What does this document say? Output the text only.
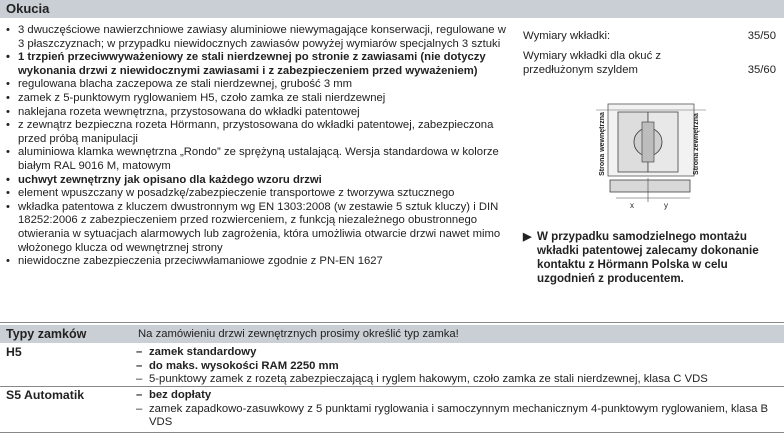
Okucia
• 3 dwuczęściowe nawierzchniowe zawiasy aluminiowe niewymagające konserwacji, regulowane w 3 płaszczyznach; w przypadku niewidocznych zawiasów powyżej wymiarów specjalnych 3 sztuki
• 1 trzpień przeciwwyważeniowy ze stali nierdzewnej po stronie z zawiasami (nie dotyczy wykonania drzwi z niewidocznymi zawiasami i z zabezpieczeniem przed wyważeniem)
• regulowana blacha zaczepowa ze stali nierdzewnej, grubość 3 mm
• zamek z 5-punktowym ryglowaniem H5, czoło zamka ze stali nierdzewnej
• naklejana rozeta wewnętrzna, przystosowana do wkładki patentowej
• z zewnątrz bezpieczna rozeta Hörmann, przystosowana do wkładki patentowej, zabezpieczona przed próbą manipulacji
• aluminiowa klamka wewnętrzna „Rondo” ze sprężyną ustalającą. Wersja standardowa w kolorze białym RAL 9016 M, matowym
• uchwyt zewnętrzny jak opisano dla każdego wzoru drzwi
• element wpuszczany w posadzkę/zabezpieczenie transportowe z tworzywa sztucznego
• wkładka patentowa z kluczem dwustronnym wg EN 1303:2008 (w zestawie 5 sztuk kluczy) i DIN 18252:2006 z zabezpieczeniem przed rozwierceniem, z funkcją niezależnego obustronnego otwierania w sytuacjach alarmowych lub zagrożenia, która umożliwia otwarcie drzwi nawet mimo włożonego klucza od wewnętrznej strony
• niewidoczne zabezpieczenia przeciwwłamaniowe zgodnie z PN-EN 1627
Wymiary wkładki:	35/50
Wymiary wkładki dla okuć z przedłużonym szyldem	35/60
x	y
Strona wewnętrzna	Strona zewnętrzna
▶ W przypadku samodzielnego montażu wkładki patentowej zalecamy dokonanie kontaktu z Hörmann Polska w celu uzgodnień z producentem.
Typy zamków	Na zamówieniu drzwi zewnętrznych prosimy określić typ zamka!
H5	– zamek standardowy
– do maks. wysokości RAM 2250 mm
– 5-punktowy zamek z rozetą zabezpieczającą i ryglem hakowym, czoło zamka ze stali nierdzewnej, klasa C VDS
S5 Automatik	– bez dopłaty
– zamek zapadkowo-zasuwkowy z 5 punktami ryglowania i samoczynnym mechanicznym 4-punktowym ryglowaniem, klasa B VDS
